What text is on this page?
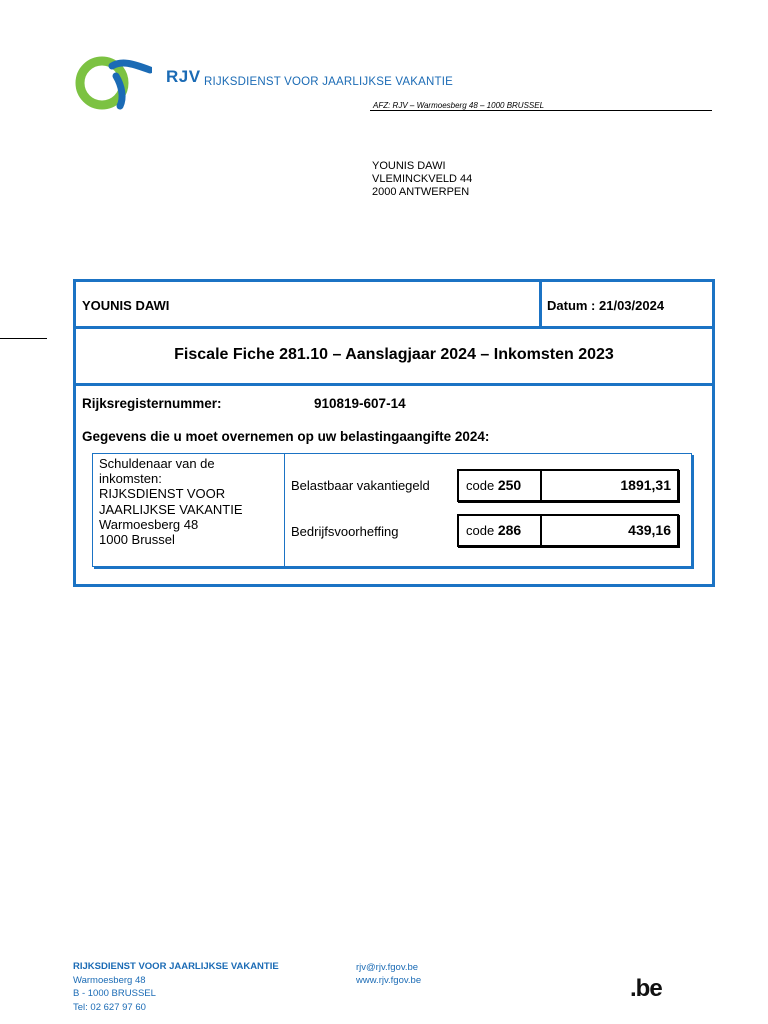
RJV RIJKSDIENST VOOR JAARLIJKSE VAKANTIE
AFZ: RJV – Warmoesberg 48 – 1000 BRUSSEL
YOUNIS DAWI
VLEMINCKVELD 44
2000 ANTWERPEN
YOUNIS DAWI	Datum : 21/03/2024
Fiscale Fiche 281.10 – Aanslagjaar 2024 – Inkomsten 2023
Rijksregisternummer:	910819-607-14
Gegevens die u moet overnemen op uw belastingaangifte 2024:
Schuldenaar van de
inkomsten:
RIJKSDIENST VOOR
JAARLIJKSE VAKANTIE
Warmoesberg 48
1000 Brussel
Belastbaar vakantiegeld	code 250	1891,31
Bedrijfsvoorheffing	code 286	439,16
RIJKSDIENST VOOR JAARLIJKSE VAKANTIE
Warmoesberg 48
B - 1000 BRUSSEL
Tel: 02 627 97 60
rjv@rjv.fgov.be
www.rjv.fgov.be	.be
